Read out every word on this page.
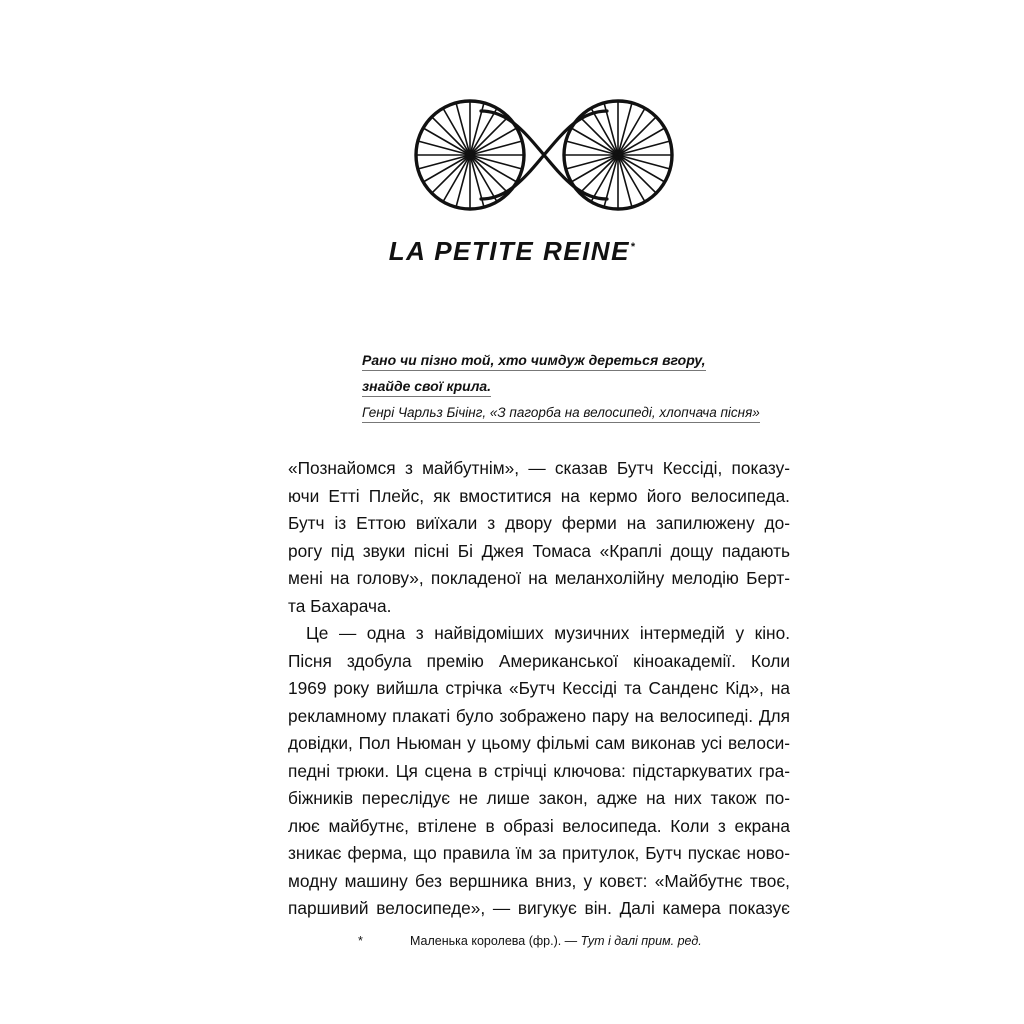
LA PETITE REINE*
Рано чи пізно той, хто чимдуж дереться вгору,
знайде свої крила.
Генрі Чарльз Бічінг, «З пагорба на велосипеді, хлопчача пісня»
«Познайомся з майбутнім», — сказав Бутч Кессіді, показу-
ючи Етті Плейс, як вмоститися на кермо його велосипеда.
Бутч із Еттою виїхали з двору ферми на запилюжену до-
рогу під звуки пісні Бі Джея Томаса «Краплі дощу падають
мені на голову», покладеної на меланхолійну мелодію Берт-
та Бахарача.
Це — одна з найвідоміших музичних інтермедій у кіно.
Пісня здобула премію Американської кіноакадемії. Коли
1969 року вийшла стрічка «Бутч Кессіді та Санденс Кід», на
рекламному плакаті було зображено пару на велосипеді. Для
довідки, Пол Ньюман у цьому фільмі сам виконав усі велоси-
педні трюки. Ця сцена в стрічці ключова: підстаркуватих гра-
біжників переслідує не лише закон, адже на них також по-
лює майбутнє, втілене в образі велосипеда. Коли з екрана
зникає ферма, що правила їм за притулок, Бутч пускає ново-
модну машину без вершника вниз, у ковєт: «Майбутнє твоє,
паршивий велосипеде», — вигукує він. Далі камера показує
*	Маленька королева (фр.). — Тут і далі прим. ред.
